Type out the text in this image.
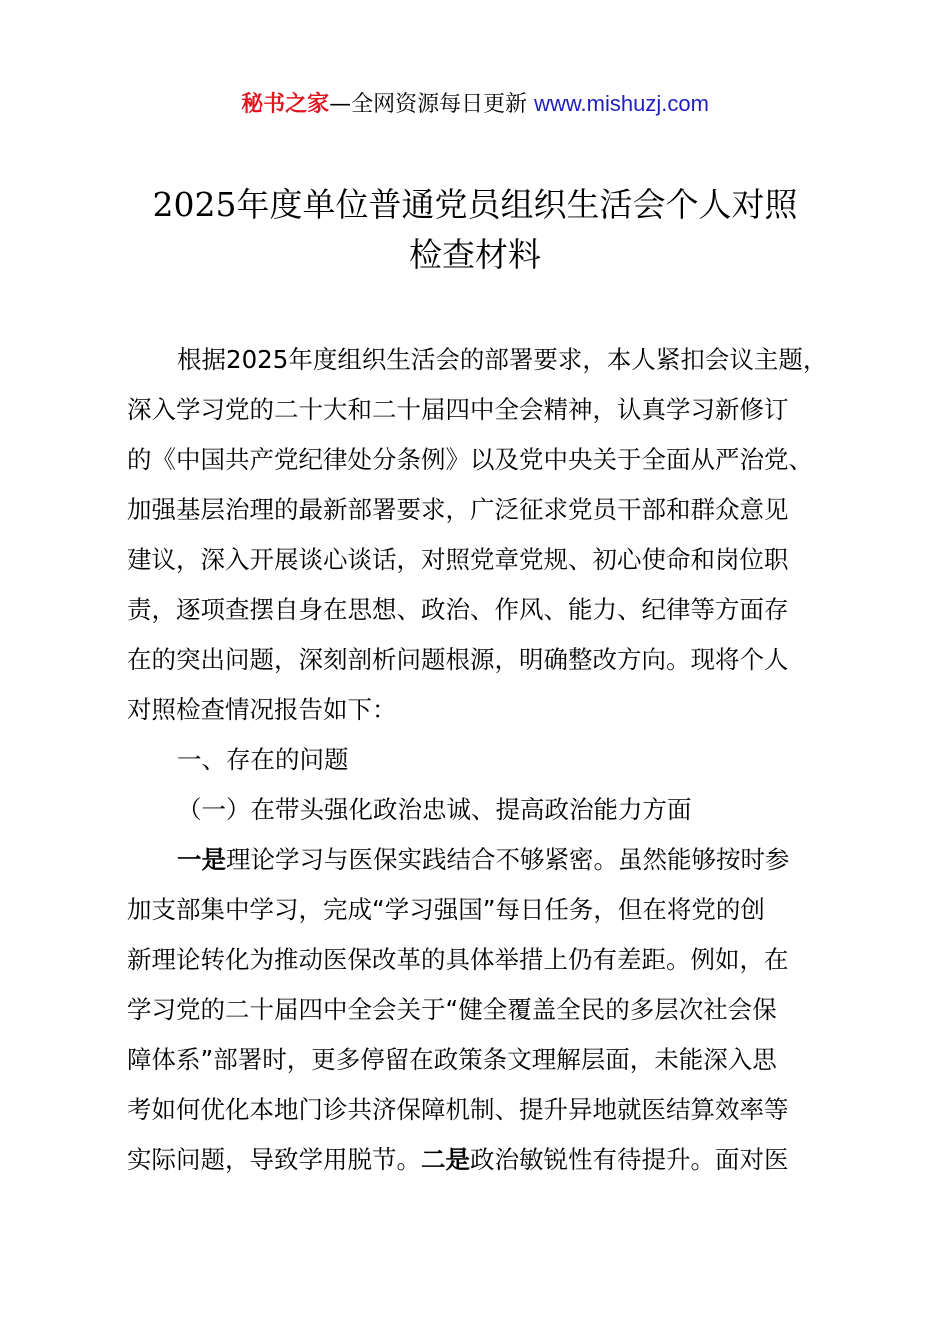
秘书之家—全网资源每日更新 www.mishuzj.com
2025年度单位普通党员组织生活会个人对照
检查材料
根据2025年度组织生活会的部署要求，本人紧扣会议主题，
深入学习党的二十大和二十届四中全会精神，认真学习新修订
的《中国共产党纪律处分条例》以及党中央关于全面从严治党、
加强基层治理的最新部署要求，广泛征求党员干部和群众意见
建议，深入开展谈心谈话，对照党章党规、初心使命和岗位职
责，逐项查摆自身在思想、政治、作风、能力、纪律等方面存
在的突出问题，深刻剖析问题根源，明确整改方向。现将个人
对照检查情况报告如下：
一、存在的问题
（一）在带头强化政治忠诚、提高政治能力方面
一是理论学习与医保实践结合不够紧密。虽然能够按时参
加支部集中学习，完成“学习强国”每日任务，但在将党的创
新理论转化为推动医保改革的具体举措上仍有差距。例如，在
学习党的二十届四中全会关于“健全覆盖全民的多层次社会保
障体系”部署时，更多停留在政策条文理解层面，未能深入思
考如何优化本地门诊共济保障机制、提升异地就医结算效率等
实际问题，导致学用脱节。二是政治敏锐性有待提升。面对医
